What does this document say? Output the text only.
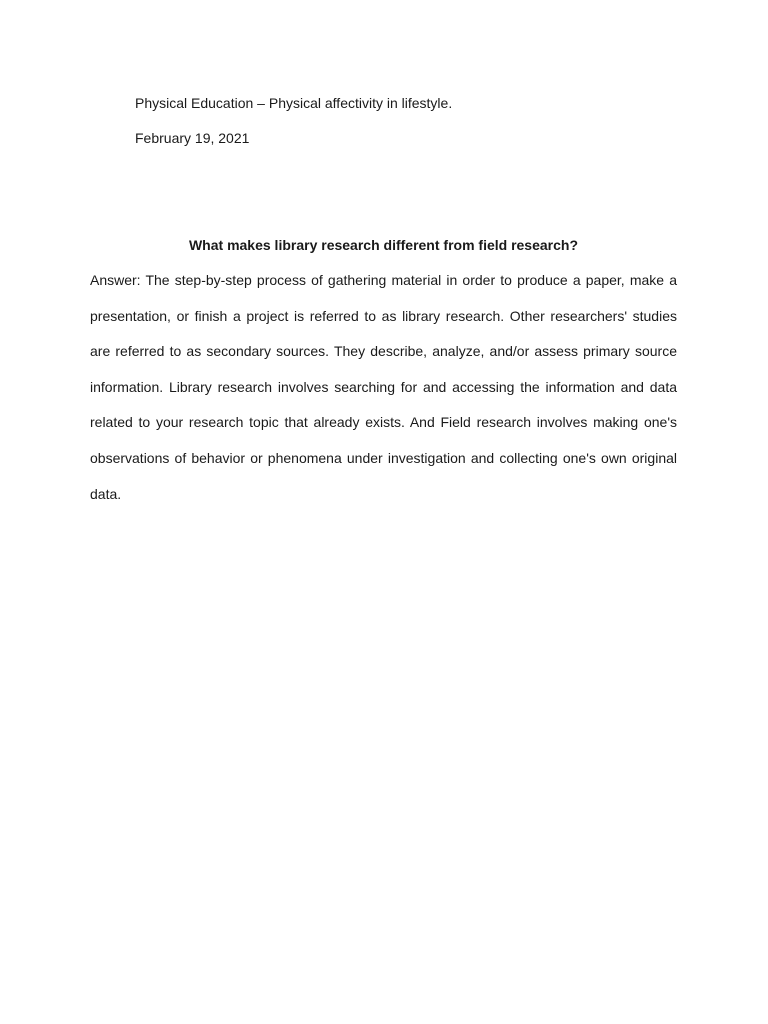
Physical Education – Physical affectivity in lifestyle.
February 19, 2021
What makes library research different from field research?

Answer: The step-by-step process of gathering material in order to produce a paper, make a presentation, or finish a project is referred to as library research. Other researchers' studies are referred to as secondary sources. They describe, analyze, and/or assess primary source information. Library research involves searching for and accessing the information and data related to your research topic that already exists. And Field research involves making one's observations of behavior or phenomena under investigation and collecting one's own original data.
